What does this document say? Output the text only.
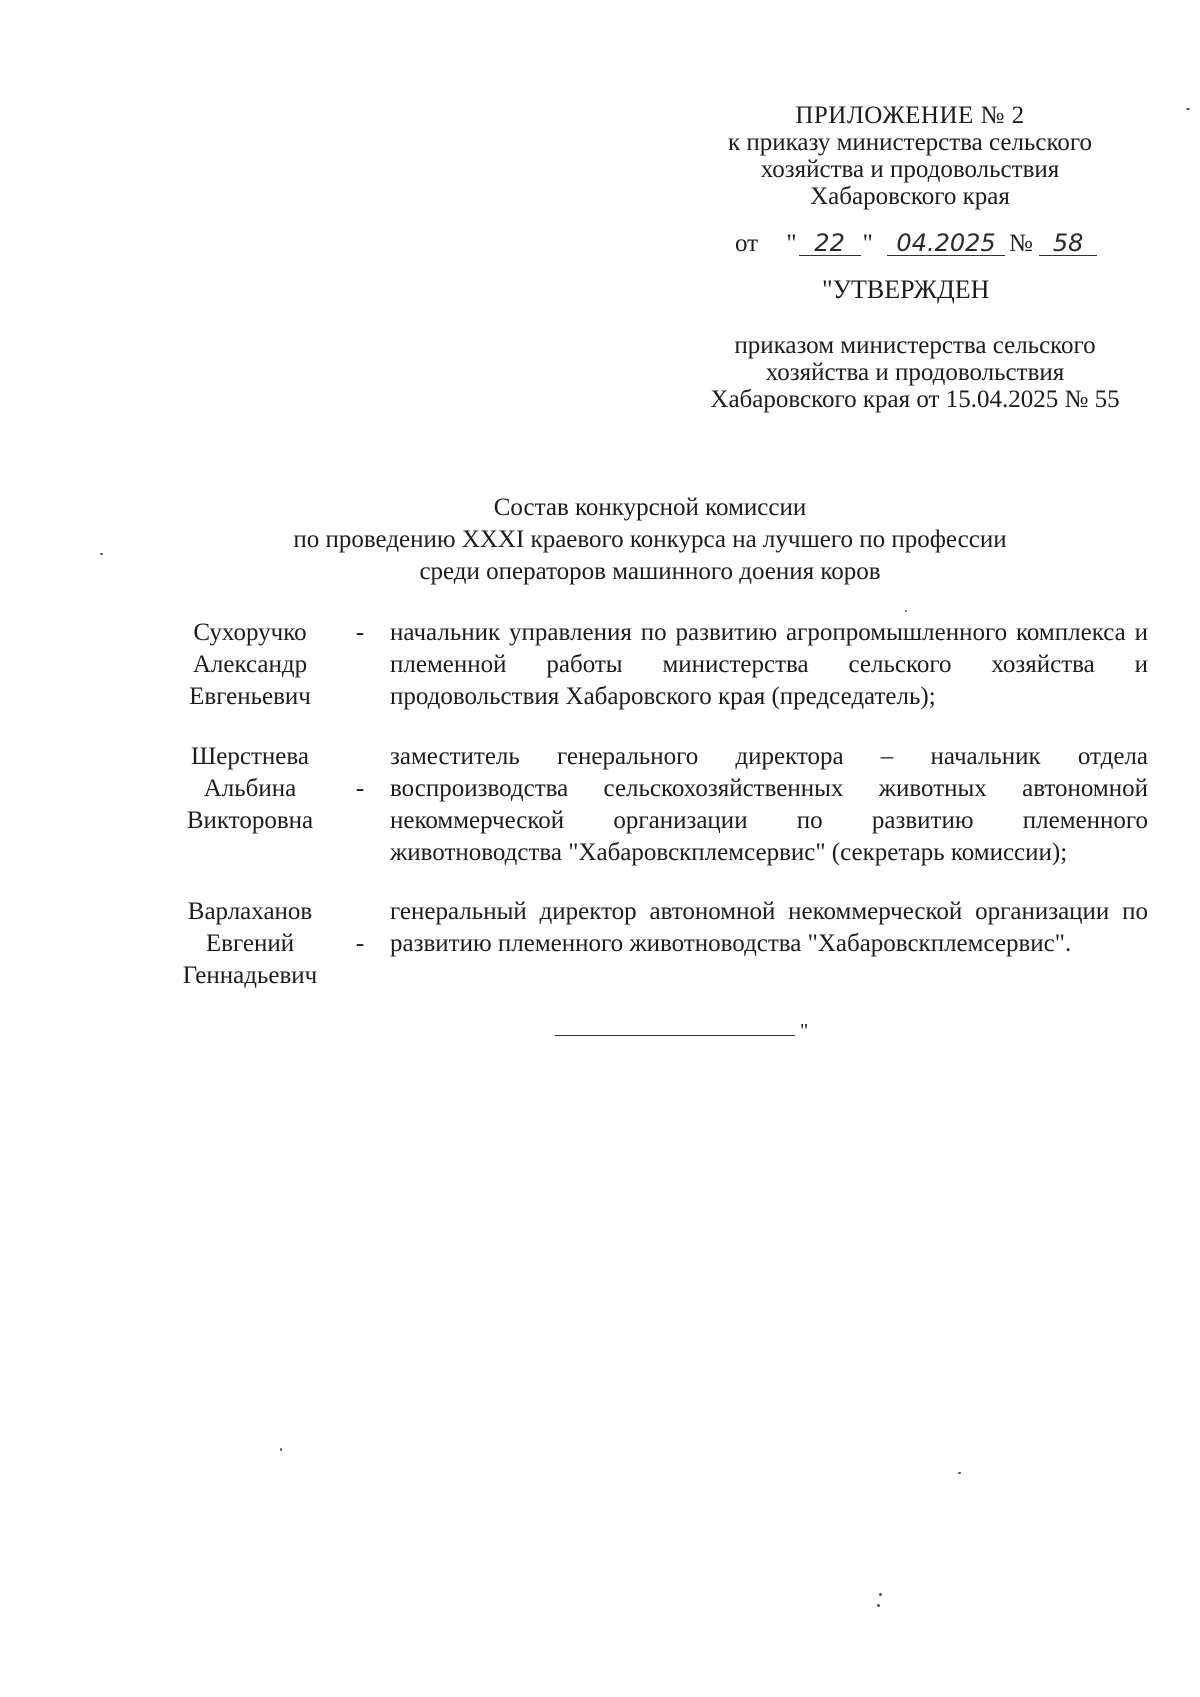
ПРИЛОЖЕНИЕ № 2
к приказу министерства сельского
хозяйства и продовольствия
Хабаровского края
от " 22 " 04.2025 № 58
"УТВЕРЖДЕН
приказом министерства сельского
хозяйства и продовольствия
Хабаровского края от 15.04.2025 № 55
Состав конкурсной комиссии
по проведению XXXI краевого конкурса на лучшего по профессии
среди операторов машинного доения коров
Сухоручко
Александр
Евгеньевич
- начальник управления по развитию агропромышленного комплекса и племенной работы министерства сельского хозяйства и продовольствия Хабаровского края (председатель);
Шерстнева
Альбина
Викторовна
-
заместитель генерального директора – начальник отдела воспроизводства сельскохозяйственных животных автономной некоммерческой организации по развитию племенного животноводства "Хабаровскплемсервис" (секретарь комиссии);
Варлаханов
Евгений
Геннадьевич
-
генеральный директор автономной некоммерческой организации по развитию племенного животноводства "Хабаровскплемсервис".
"
